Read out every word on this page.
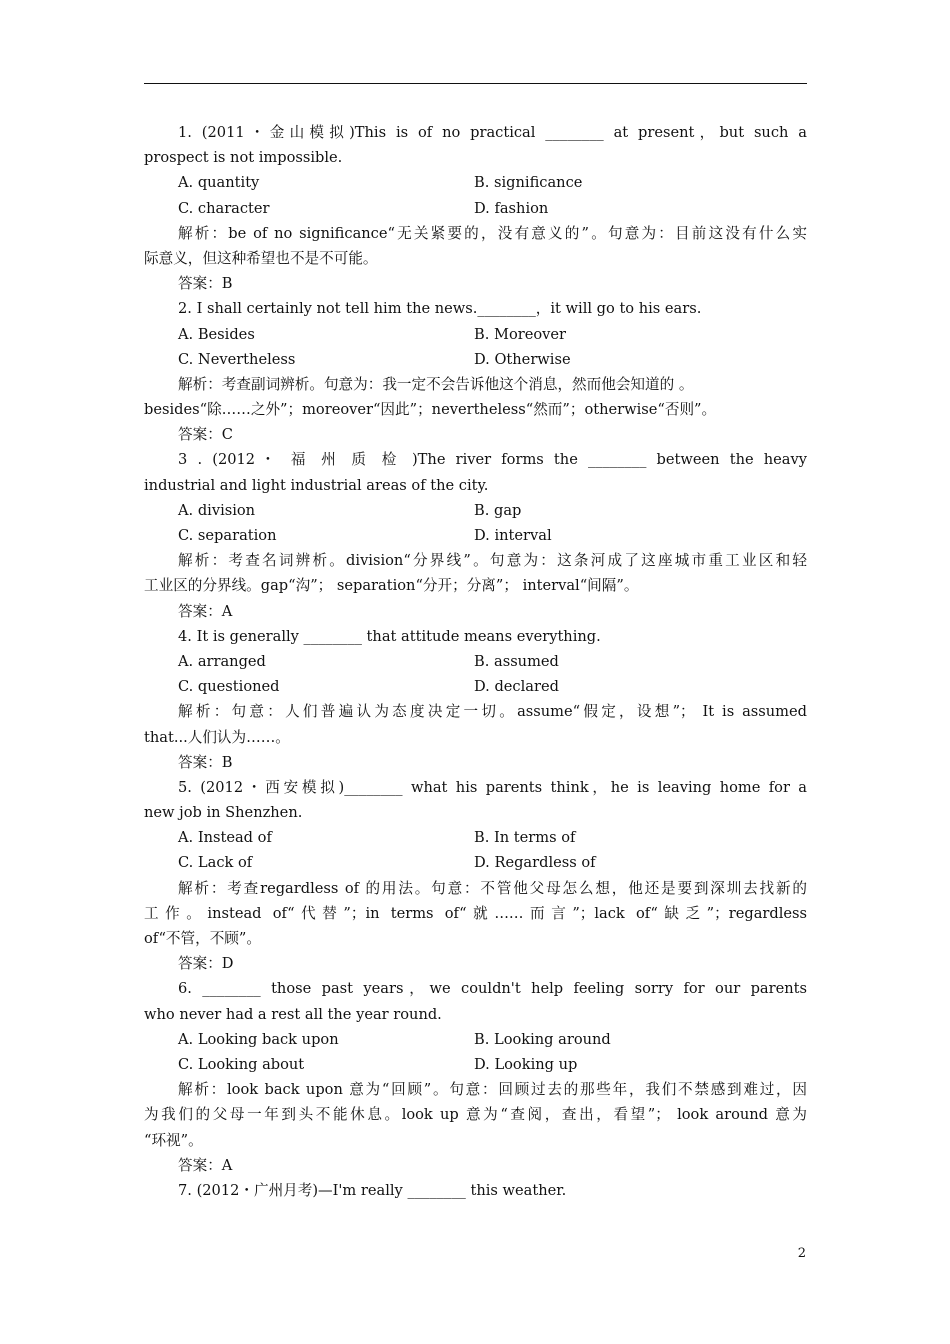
1. (2011・金山模拟)This is of no practical ________ at present，but such a
prospect is not impossible.
A. quantity	B. significance
C. character	D. fashion
解析：be of no significance“无关紧要的，没有意义的”。句意为：目前这没有什么实
际意义，但这种希望也不是不可能。
答案：B
2. I shall certainly not tell him the news.________，it will go to his ears.
A. Besides	B. Moreover
C. Nevertheless	D. Otherwise
解析：考查副词辨析。句意为：我一定不会告诉他这个消息，然而他会知道的 。
besides“除……之外”；moreover“因此”；nevertheless“然而”；otherwise“否则”。
答案：C
3 . (2012・ 福 州 质 检 )The river forms the ________ between the heavy
industrial and light industrial areas of the city.
A. division	B. gap
C. separation	D. interval
解析：考查名词辨析。division“分界线”。句意为：这条河成了这座城市重工业区和轻
工业区的分界线。gap“沟”； separation“分开；分离”； interval“间隔”。
答案：A
4. It is generally ________ that attitude means everything.
A. arranged	B. assumed
C. questioned	D. declared
解析：句意：人们普遍认为态度决定一切。assume“假定，设想”； It is assumed
that...人们认为……。
答案：B
5. (2012・西安模拟)________ what his parents think，he is leaving home for a
new job in Shenzhen.
A. Instead of	B. In terms of
C. Lack of	D. Regardless of
解析：考查regardless of 的用法。句意：不管他父母怎么想，他还是要到深圳去找新的
工作。instead of“代替”；in terms of“就……而言”；lack of“缺乏”；regardless
of“不管，不顾”。
答案：D
6. ________ those past years，we couldn't help feeling sorry for our parents
who never had a rest all the year round.
A. Looking back upon	B. Looking around
C. Looking about	D. Looking up
解析：look back upon 意为“回顾”。句意：回顾过去的那些年，我们不禁感到难过，因
为我们的父母一年到头不能休息。look up 意为“查阅，查出，看望”； look around 意为
“环视”。
答案：A
7. (2012・广州月考)—I'm really ________ this weather.
2
